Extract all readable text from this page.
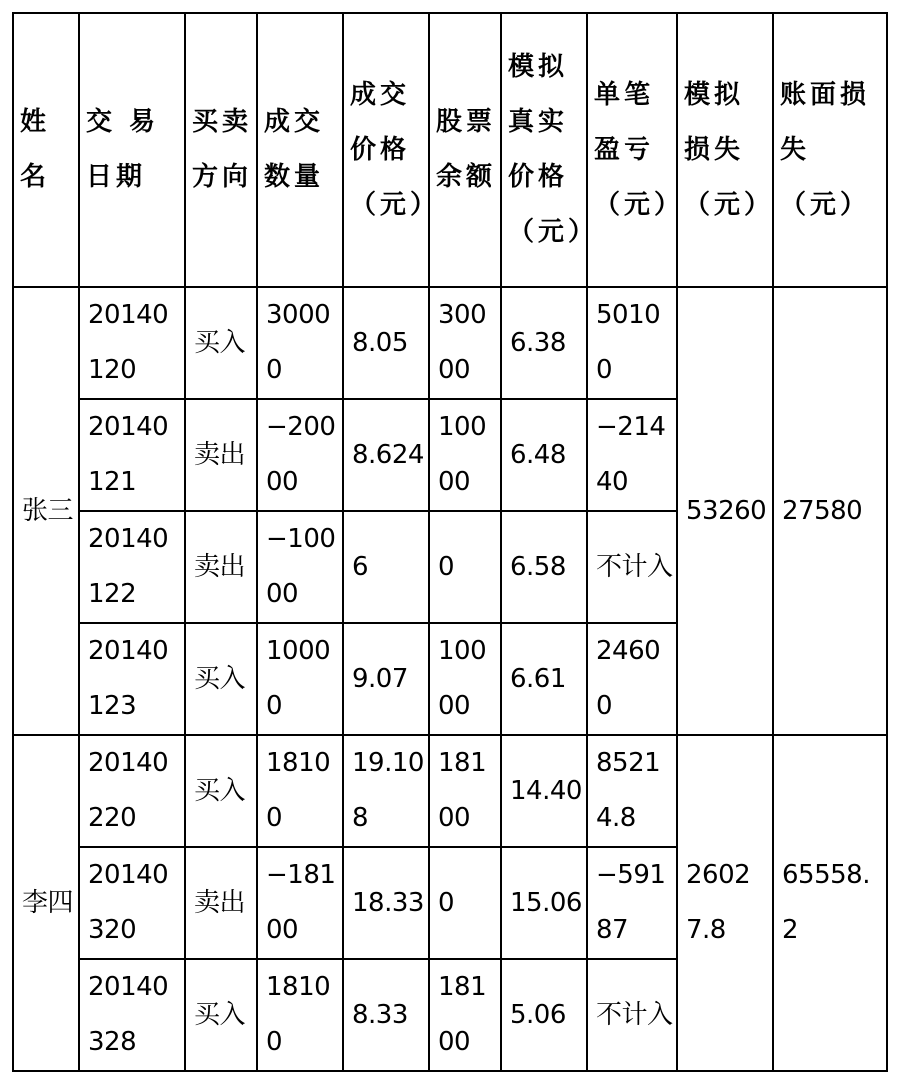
姓名	交 易日期	买卖方向	成交数量	成交价格（元）	股票余额	模拟真实价格（元）	单笔盈亏（元）	模拟损失（元）	账面损失（元）
张三	20140120	买入	30000	8.05	30000	6.38	50100	53260	27580
	20140121	卖出	−20000	8.624	10000	6.48	−21440		
	20140122	卖出	−10000	6	0	6.58	不计入		
	20140123	买入	10000	9.07	10000	6.61	24600		
李四	20140220	买入	18100	19.108	18100	14.40	85214.8	26027.8	65558.2
	20140320	卖出	−18100	18.33	0	15.06	−59187		
	20140328	买入	18100	8.33	18100	5.06	不计入		
